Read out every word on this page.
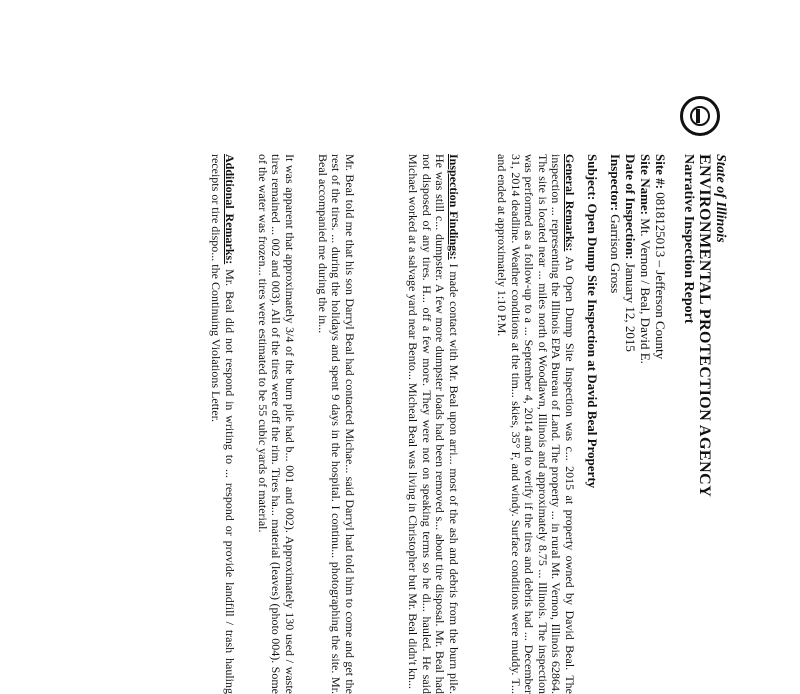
State of Illinois
ENVIRONMENTAL PROTECTION AGENCY
Narrative Inspection Report
Site #: 0818125013 – Jefferson County
Site Name: Mt. Vernon / Beal, David E.
Date of Inspection: January 12, 2015
Inspector: Garrison Gross
Subject: Open Dump Site Inspection at David Beal Property
General Remarks: An Open Dump Site Inspection was c... 2015 at property owned by David Beal. The inspection ... representing the Illinois EPA Bureau of Land. The property ... in rural Mt. Vernon, Illinois 62864. The site is located near ... miles north of Woodlawn, Illinois and approximately 8.75 ... Illinois. The inspection was performed as a follow-up to a ... September 4, 2014 and to verify if the tires and debris had ... December 31, 2014 deadline. Weather conditions at the tim... skies, 35° F, and windy. Surface conditions were muddy. T... and ended at approximately 1:10 P.M.
Inspection Findings: I made contact with Mr. Beal upon arri... most of the ash and debris from the burn pile. He was still c... dumpster. A few more dumpster loads had been removed s... about tire disposal. Mr. Beal had not disposed of any tires. H... off a few more. They were not on speaking terms so he di... hauled. He said Michael worked at a salvage yard near Bento... Micheal Beal was living in Christopher but Mr. Beal didn't kn...
Mr. Beal told me that his son Darryl Beal had contacted Michae... said Darryl had told him to come and get the rest of the tires. ... during the holidays and spent 9 days in the hospital. I continu... photographing the site. Mr. Beal accompanied me during the in...
It was apparent that approximately 3/4 of the burn pile had b... 001 and 002). Approximately 130 used / waste tires remained ... 002 and 003). All of the tires were off the rim. Tires ha... material (leaves) (photo 004). Some of the water was frozen... tires were estimated to be 55 cubic yards of material.
Additional Remarks: Mr. Beal did not respond in writing to ... respond or provide landfill / trash hauling receipts or tire dispo... the Continuing Violations Letter.
